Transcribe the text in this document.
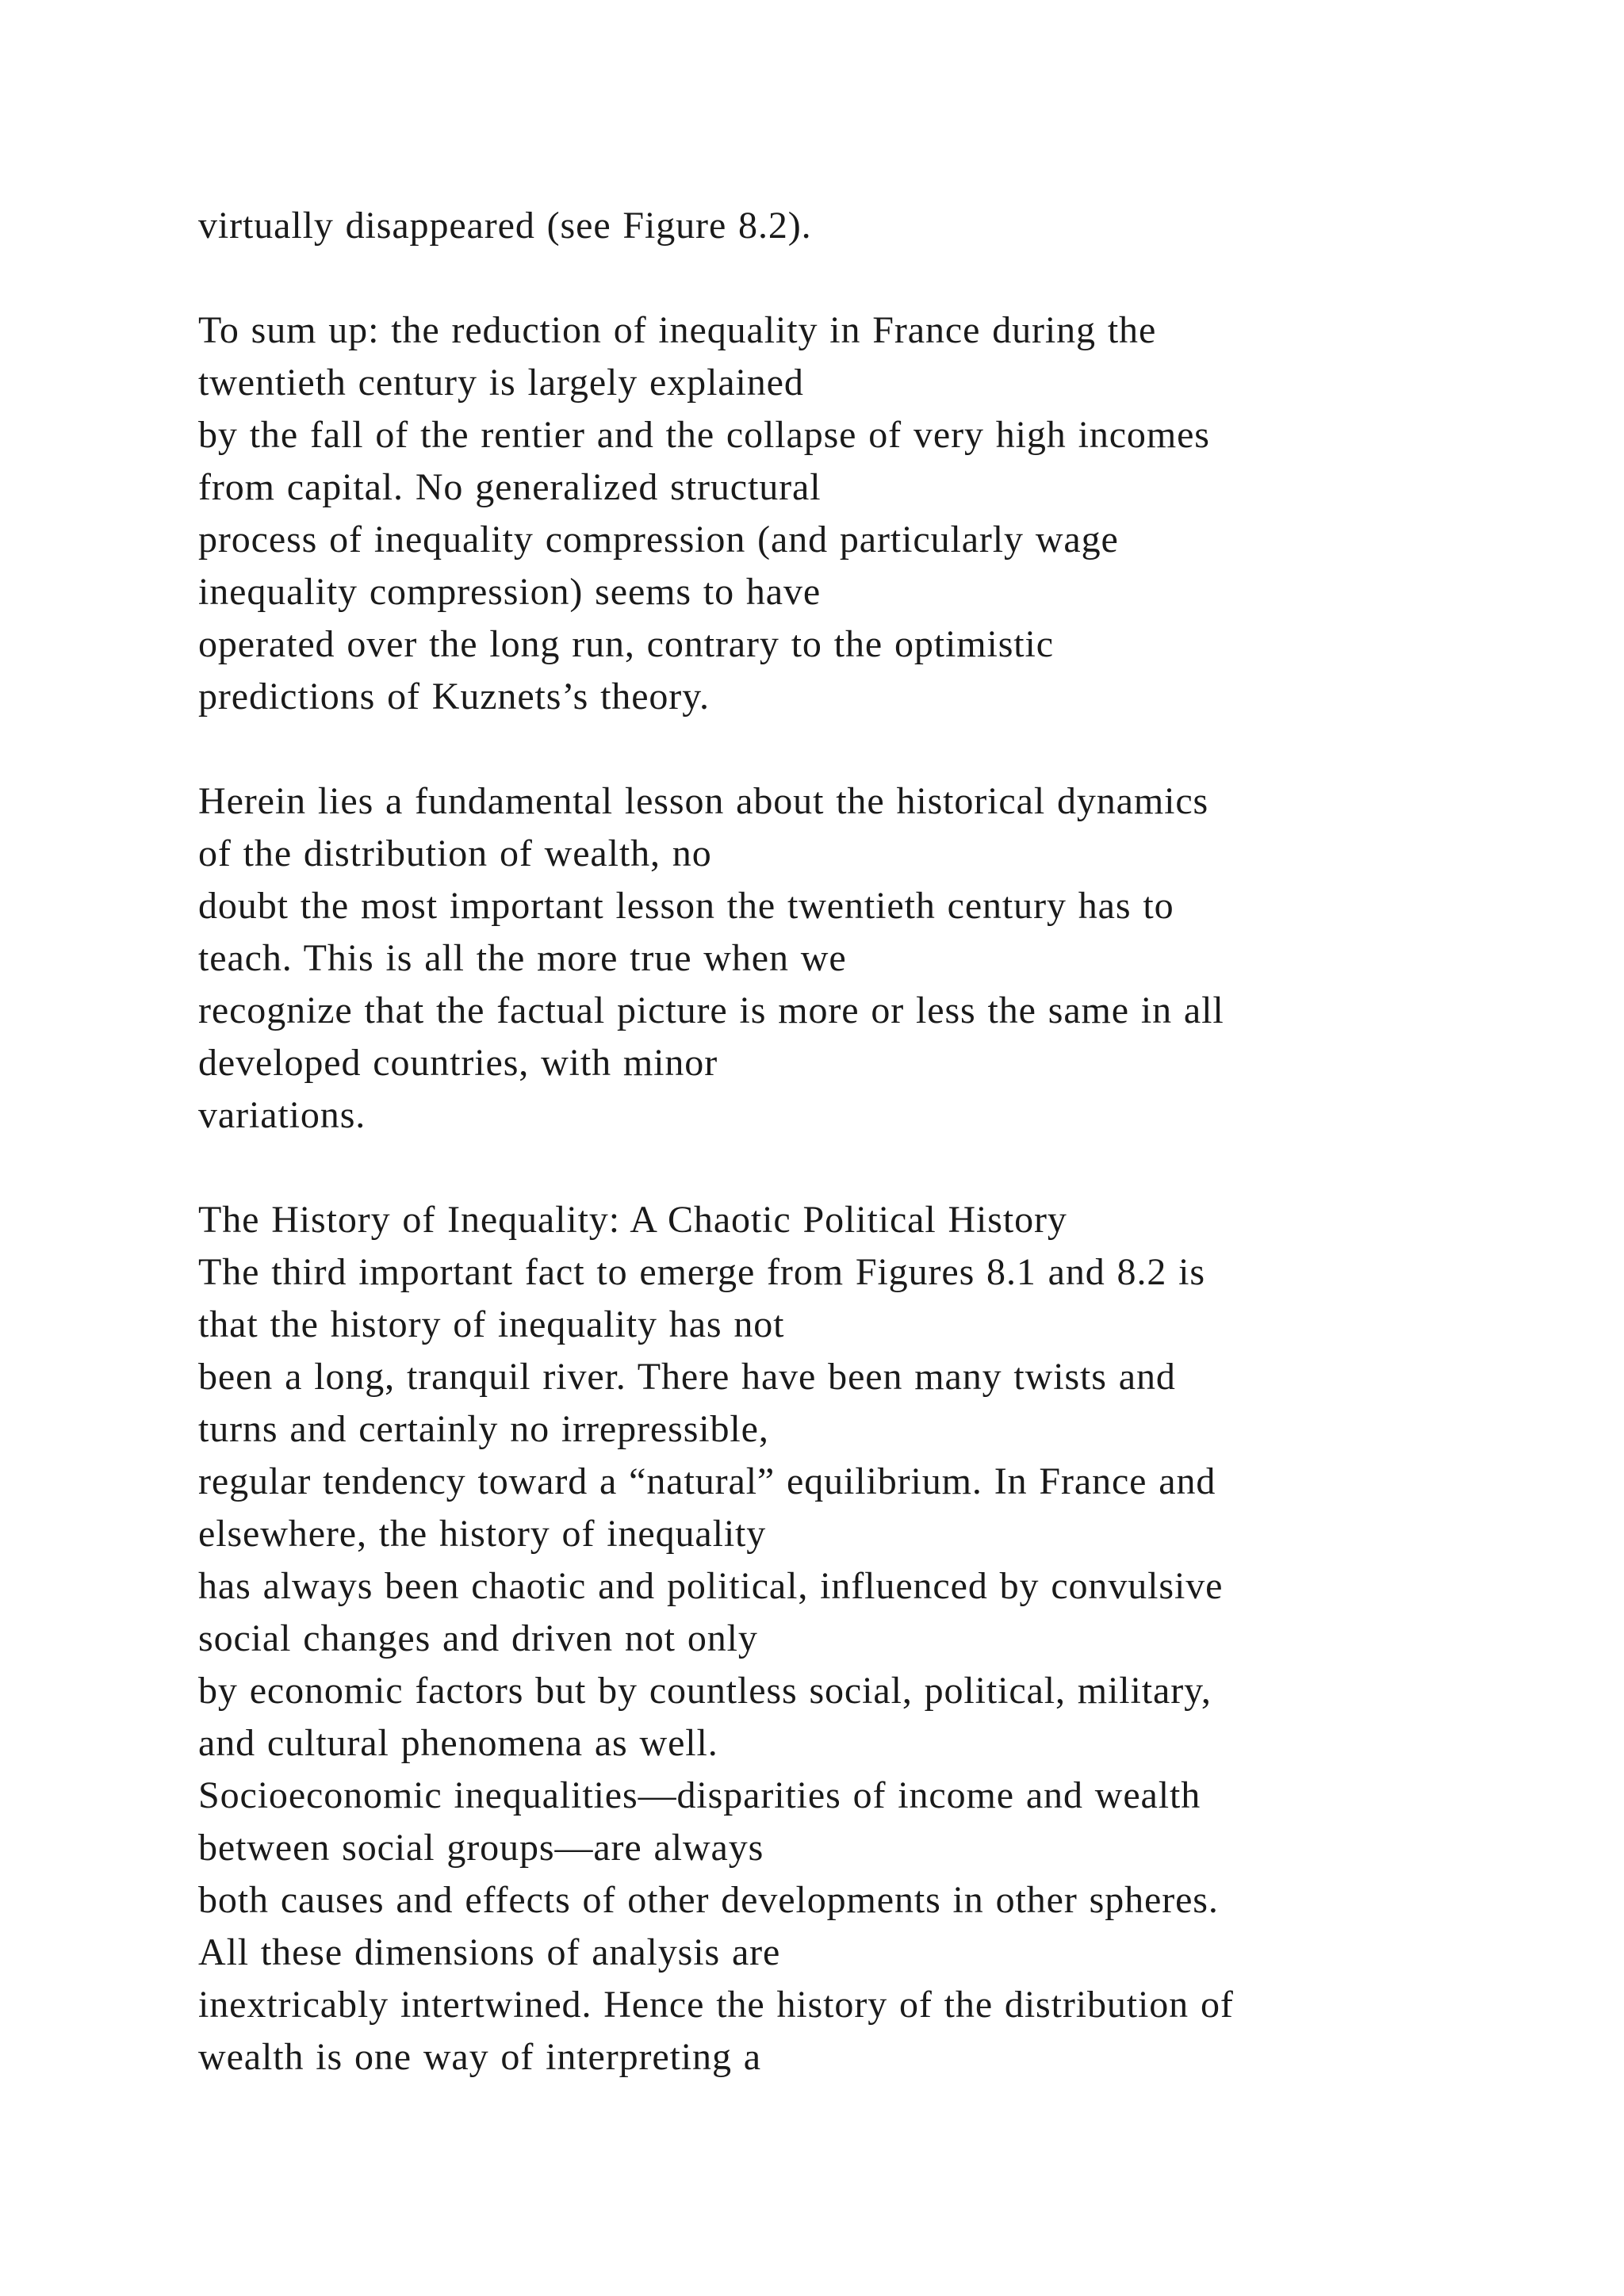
virtually disappeared (see Figure 8.2).
To sum up: the reduction of inequality in France during the
twentieth century is largely explained
by the fall of the rentier and the collapse of very high incomes
from capital. No generalized structural
process of inequality compression (and particularly wage
inequality compression) seems to have
operated over the long run, contrary to the optimistic
predictions of Kuznets’s theory.
Herein lies a fundamental lesson about the historical dynamics
of the distribution of wealth, no
doubt the most important lesson the twentieth century has to
teach. This is all the more true when we
recognize that the factual picture is more or less the same in all
developed countries, with minor
variations.
The History of Inequality: A Chaotic Political History
The third important fact to emerge from Figures 8.1 and 8.2 is
that the history of inequality has not
been a long, tranquil river. There have been many twists and
turns and certainly no irrepressible,
regular tendency toward a “natural” equilibrium. In France and
elsewhere, the history of inequality
has always been chaotic and political, influenced by convulsive
social changes and driven not only
by economic factors but by countless social, political, military,
and cultural phenomena as well.
Socioeconomic inequalities—disparities of income and wealth
between social groups—are always
both causes and effects of other developments in other spheres.
All these dimensions of analysis are
inextricably intertwined. Hence the history of the distribution of
wealth is one way of interpreting a
